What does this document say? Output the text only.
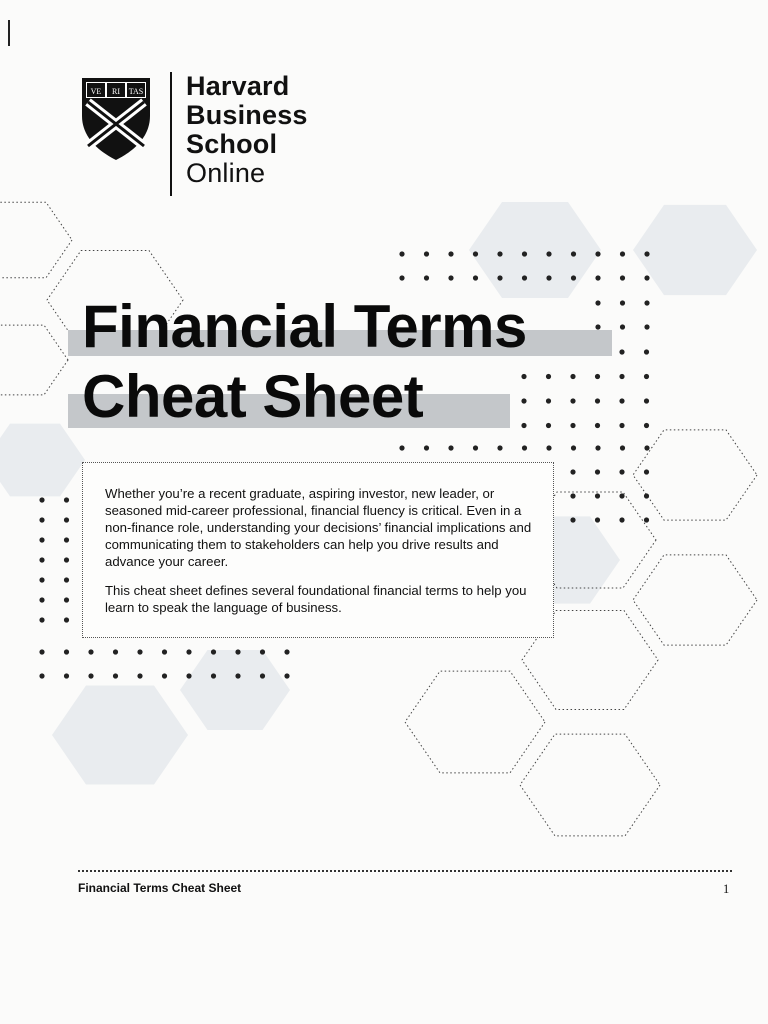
VE RI TAS Harvard
Business
School
Online
Financial Terms
Cheat Sheet

Whether you’re a recent graduate, aspiring investor, new leader, or seasoned mid-career professional, financial fluency is critical. Even in a non-finance role, understanding your decisions’ financial implications and communicating them to stakeholders can help you drive results and advance your career.

This cheat sheet defines several foundational financial terms to help you learn to speak the language of business.

Financial Terms Cheat Sheet	1
